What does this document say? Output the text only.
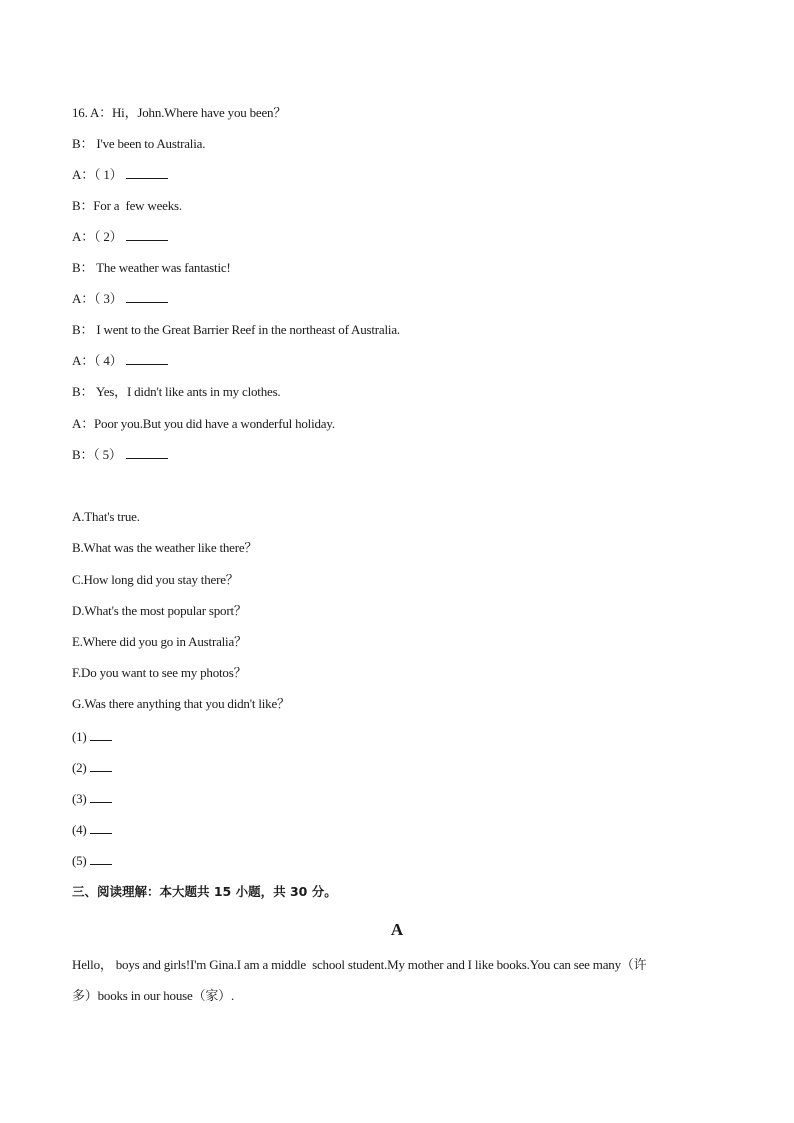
16. A：Hi，John.Where have you been？
B： I've been to Australia.
A：（ 1）
B：For a  few weeks.
A：（ 2）
B： The weather was fantastic!
A：（ 3）
B： I went to the Great Barrier Reef in the northeast of Australia.
A：（ 4）
B： Yes，I didn't like ants in my clothes.
A：Poor you.But you did have a wonderful holiday.
B：（ 5）
A.That's true.
B.What was the weather like there？
C.How long did you stay there？
D.What's the most popular sport？
E.Where did you go in Australia？
F.Do you want to see my photos？
G.Was there anything that you didn't like？
(1)
(2)
(3)
(4)
(5)
三、阅读理解：本大题共 15 小题，共 30 分。
A
Hello， boys and girls!I'm Gina.I am a middle  school student.My mother and I like books.You can see many（许
多）books in our house（家）.
